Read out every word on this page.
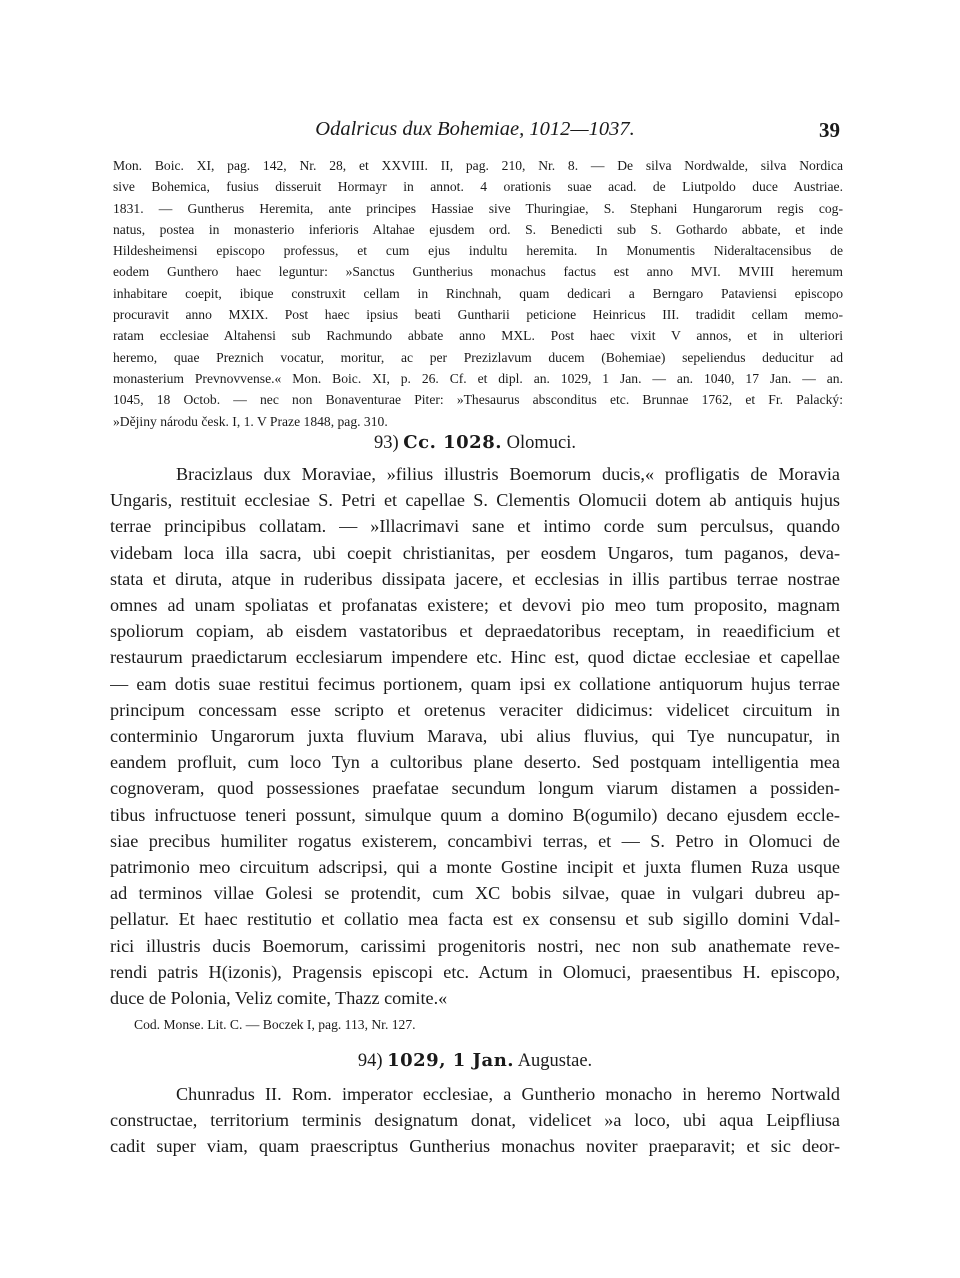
Odalricus dux Bohemiae, 1012—1037.	39
Mon. Boic. XI, pag. 142, Nr. 28, et XXVIII. II, pag. 210, Nr. 8. — De silva Nordwalde, silva Nordica
sive Bohemica, fusius disseruit Hormayr in annot. 4 orationis suae acad. de Liutpoldo duce Austriae.
1831. — Guntherus Heremita, ante principes Hassiae sive Thuringiae, S. Stephani Hungarorum regis cog-
natus, postea in monasterio inferioris Altahae ejusdem ord. S. Benedicti sub S. Gothardo abbate, et inde
Hildesheimensi episcopo professus, et cum ejus indultu heremita. In Monumentis Nideraltacensibus de
eodem Gunthero haec leguntur: »Sanctus Guntherius monachus factus est anno MVI. MVIII heremum
inhabitare coepit, ibique construxit cellam in Rinchnah, quam dedicari a Berngaro Pataviensi episcopo
procuravit anno MXIX. Post haec ipsius beati Guntharii peticione Heinricus III. tradidit cellam memo-
ratam ecclesiae Altahensi sub Rachmundo abbate anno MXL. Post haec vixit V annos, et in ulteriori
heremo, quae Preznich vocatur, moritur, ac per Prezizlavum ducem (Bohemiae) sepeliendus deducitur ad
monasterium Prevnovvense.« Mon. Boic. XI, p. 26. Cf. et dipl. an. 1029, 1 Jan. — an. 1040, 17 Jan. — an.
1045, 18 Octob. — nec non Bonaventurae Piter: »Thesaurus absconditus etc. Brunnae 1762, et Fr. Palacký:
»Dějiny národu česk. I, 1. V Praze 1848, pag. 310.
93) Cc. 1028. Olomuci.
Bracizlaus dux Moraviae, »filius illustris Boemorum ducis,« profligatis de Moravia
Ungaris, restituit ecclesiae S. Petri et capellae S. Clementis Olomucii dotem ab antiquis hujus
terrae principibus collatam. — »Illacrimavi sane et intimo corde sum perculsus, quando
videbam loca illa sacra, ubi coepit christianitas, per eosdem Ungaros, tum paganos, deva-
stata et diruta, atque in ruderibus dissipata jacere, et ecclesias in illis partibus terrae nostrae
omnes ad unam spoliatas et profanatas existere; et devovi pio meo tum proposito, magnam
spoliorum copiam, ab eisdem vastatoribus et depraedatoribus receptam, in reaedificium et
restaurum praedictarum ecclesiarum impendere etc. Hinc est, quod dictae ecclesiae et capellae
— eam dotis suae restitui fecimus portionem, quam ipsi ex collatione antiquorum hujus terrae
principum concessam esse scripto et oretenus veraciter didicimus: videlicet circuitum in
conterminio Ungarorum juxta fluvium Marava, ubi alius fluvius, qui Tye nuncupatur, in
eandem profluit, cum loco Tyn a cultoribus plane deserto. Sed postquam intelligentia mea
cognoveram, quod possessiones praefatae secundum longum viarum distamen a possiden-
tibus infructuose teneri possunt, simulque quum a domino B(ogumilo) decano ejusdem eccle-
siae precibus humiliter rogatus existerem, concambivi terras, et — S. Petro in Olomuci de
patrimonio meo circuitum adscripsi, qui a monte Gostine incipit et juxta flumen Ruza usque
ad terminos villae Golesi se protendit, cum XC bobis silvae, quae in vulgari dubreu ap-
pellatur. Et haec restitutio et collatio mea facta est ex consensu et sub sigillo domini Vdal-
rici illustris ducis Boemorum, carissimi progenitoris nostri, nec non sub anathemate reve-
rendi patris H(izonis), Pragensis episcopi etc. Actum in Olomuci, praesentibus H. episcopo,
duce de Polonia, Veliz comite, Thazz comite.«
Cod. Monse. Lit. C. — Boczek I, pag. 113, Nr. 127.
94) 1029, 1 Jan. Augustae.
Chunradus II. Rom. imperator ecclesiae, a Guntherio monacho in heremo Nortwald
constructae, territorium terminis designatum donat, videlicet »a loco, ubi aqua Leipfliusa
cadit super viam, quam praescriptus Guntherius monachus noviter praeparavit; et sic deor-
